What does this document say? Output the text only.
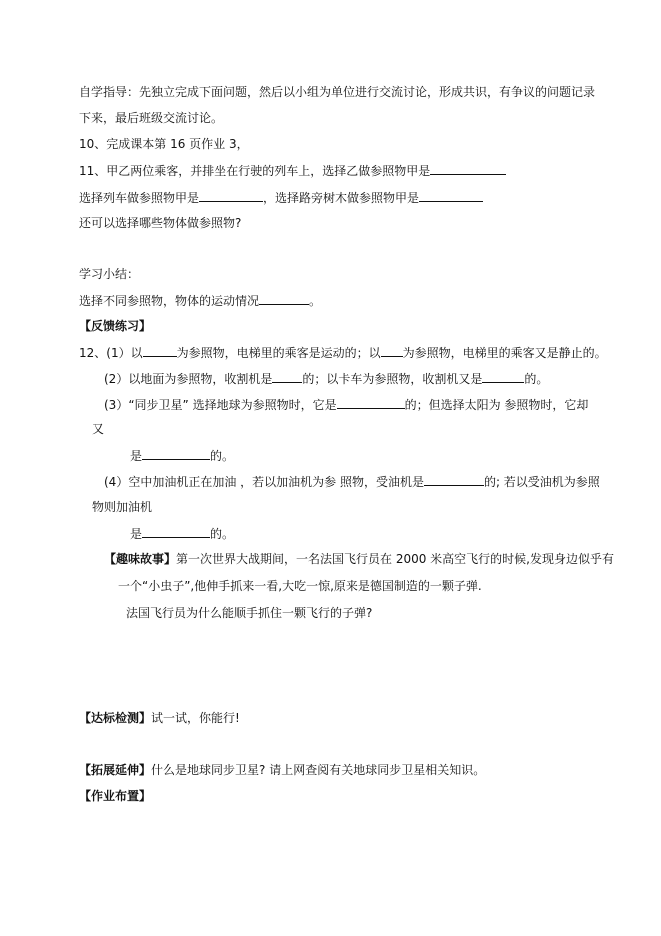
自学指导：先独立完成下面问题，然后以小组为单位进行交流讨论，形成共识，有争议的问题记录
下来，最后班级交流讨论。
10、完成课本第 16 页作业 3，
11、甲乙两位乘客，并排坐在行驶的列车上，选择乙做参照物甲是
选择列车做参照物甲是	，选择路旁树木做参照物甲是
还可以选择哪些物体做参照物?
学习小结：
选择不同参照物，物体的运动情况	。
【反馈练习】
12、(1）以	为参照物，电梯里的乘客是运动的；以 为参照物，电梯里的乘客又是静止的。
(2）以地面为参照物，收割机是	的；以卡车为参照物，收割机又是	的。
(3）“同步卫星” 选择地球为参照物时，它是	的；但选择太阳为 参照物时，它却
又
是	的。
(4）空中加油机正在加油 ，若以加油机为参 照物，受油机是	的; 若以受油机为参照
物则加油机
是	的。
【趣味故事】第一次世界大战期间，一名法国飞行员在 2000 米高空飞行的时候,发现身边似乎有
一个“小虫子”,他伸手抓来一看,大吃一惊,原来是德国制造的一颗子弹.
法国飞行员为什么能顺手抓住一颗飞行的子弹?
【达标检测】试一试，你能行!
【拓展延伸】什么是地球同步卫星? 请上网查阅有关地球同步卫星相关知识。
【作业布置】
